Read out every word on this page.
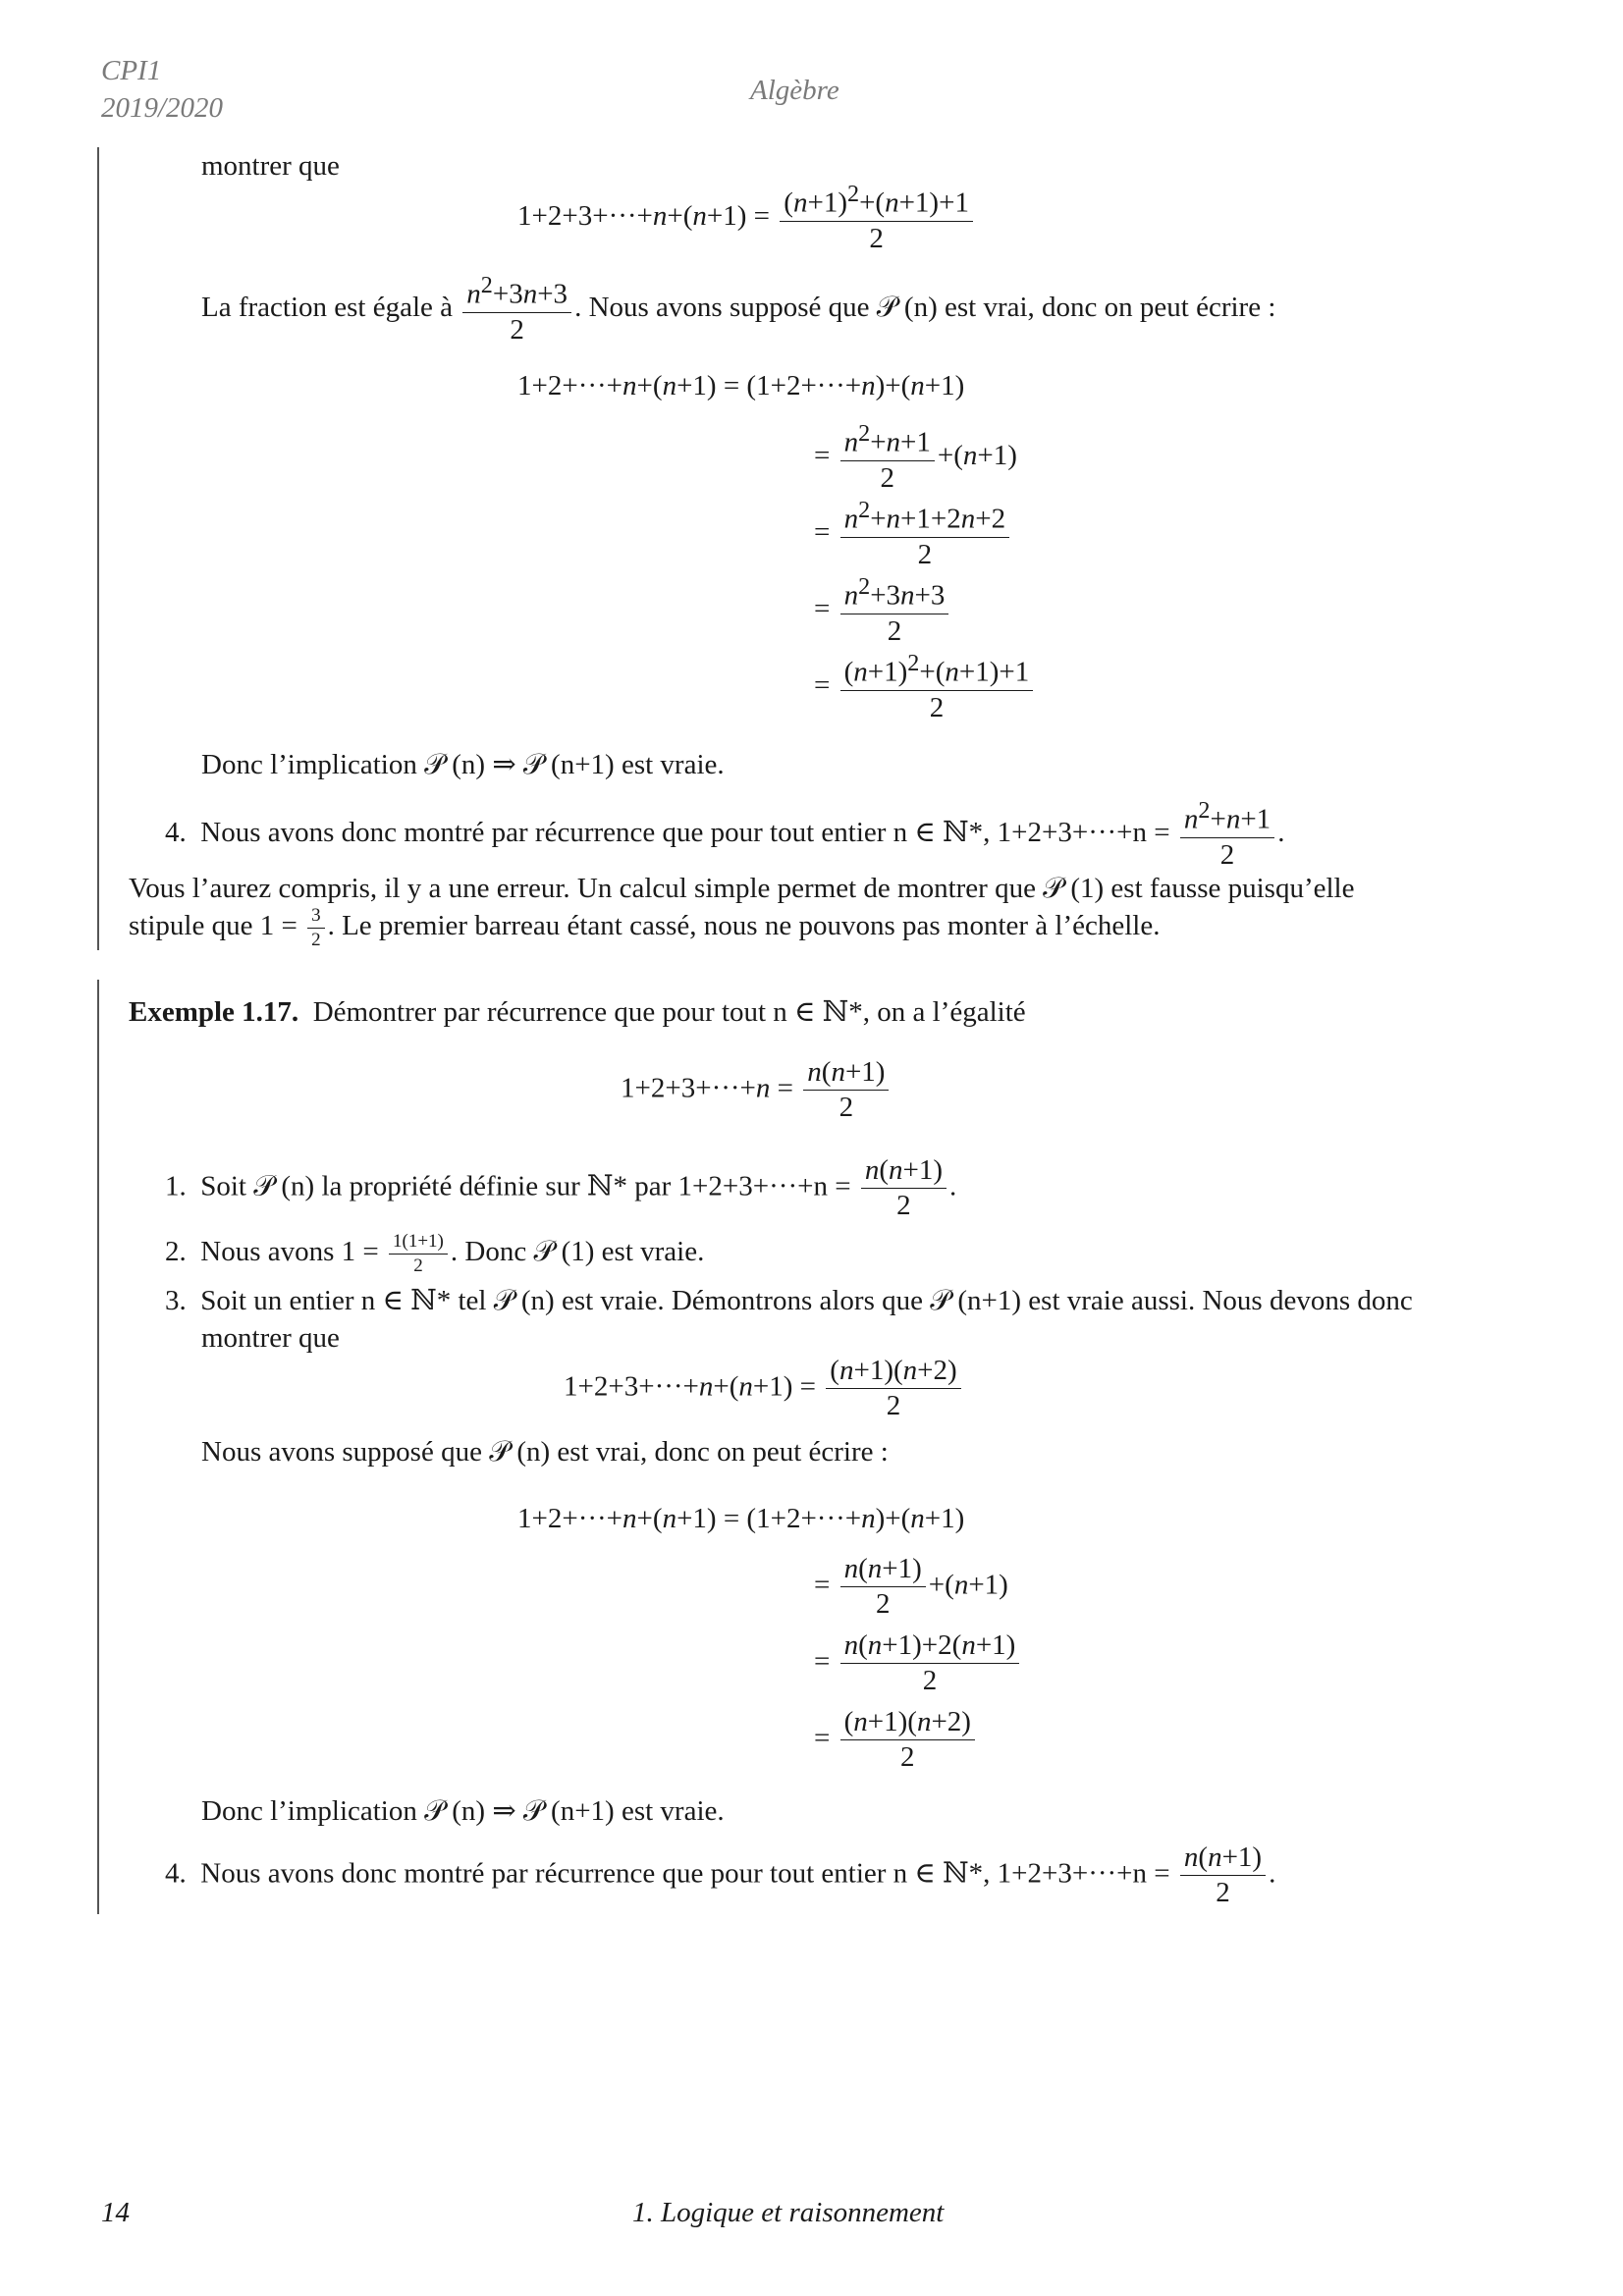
CPI1
2019/2020
Algèbre
montrer que
$1+2+3+\cdot\cdot\cdot+n+(n+1) = \frac{(n+1)^2+(n+1)+1}{2}$
La fraction est égale à $\frac{n^2+3n+3}{2}$ . Nous avons supposé que 𝒫 (n) est vrai, donc on peut écrire :
1+2+···+n+(n+1) = (1+2+···+n)+(n+1)
= $\frac{n^2+n+1}{2} +(n+1)$
= $\frac{n^2+n+1+2n+2}{2}$
= $\frac{n^2+3n+3}{2}$
= $\frac{(n+1)^2+(n+1)+1}{2}$
Donc l’implication 𝒫 (n) ⇒ 𝒫 (n+1) est vraie.
4. Nous avons donc montré par récurrence que pour tout entier n ∈ ℕ*, $1+2+3+\cdot\cdot\cdot+n = \frac{n^2+n+1}{2}$ .
Vous l’aurez compris, il y a une erreur. Un calcul simple permet de montrer que 𝒫 (1) est fausse puisqu’elle
stipule que $1 = \frac{3}{2}$ . Le premier barreau étant cassé, nous ne pouvons pas monter à l’échelle.
Exemple 1.17. Démontrer par récurrence que pour tout n ∈ ℕ*, on a l’égalité
$1+2+3+\cdot\cdot\cdot+n = \frac{n(n+1)}{2}$
1. Soit 𝒫 (n) la propriété définie sur ℕ* par $1+2+3+\cdot\cdot\cdot+n = \frac{n(n+1)}{2}$ .
2. Nous avons $1 = \frac{1(1+1)}{2}$ . Donc 𝒫 (1) est vraie.
3. Soit un entier n ∈ ℕ* tel 𝒫 (n) est vraie. Démontrons alors que 𝒫 (n+1) est vraie aussi. Nous devons donc
montrer que
$1+2+3+\cdot\cdot\cdot+n+(n+1) = \frac{(n+1)(n+2)}{2}$
Nous avons supposé que 𝒫 (n) est vrai, donc on peut écrire :
1+2+···+n+(n+1) = (1+2+···+n)+(n+1)
= $\frac{n(n+1)}{2} +(n+1)$
= $\frac{n(n+1)+2(n+1)}{2}$
= $\frac{(n+1)(n+2)}{2}$
Donc l’implication 𝒫 (n) ⇒ 𝒫 (n+1) est vraie.
4. Nous avons donc montré par récurrence que pour tout entier n ∈ ℕ*, $1+2+3+\cdot\cdot\cdot+n = \frac{n(n+1)}{2}$ .
14	1. Logique et raisonnement
